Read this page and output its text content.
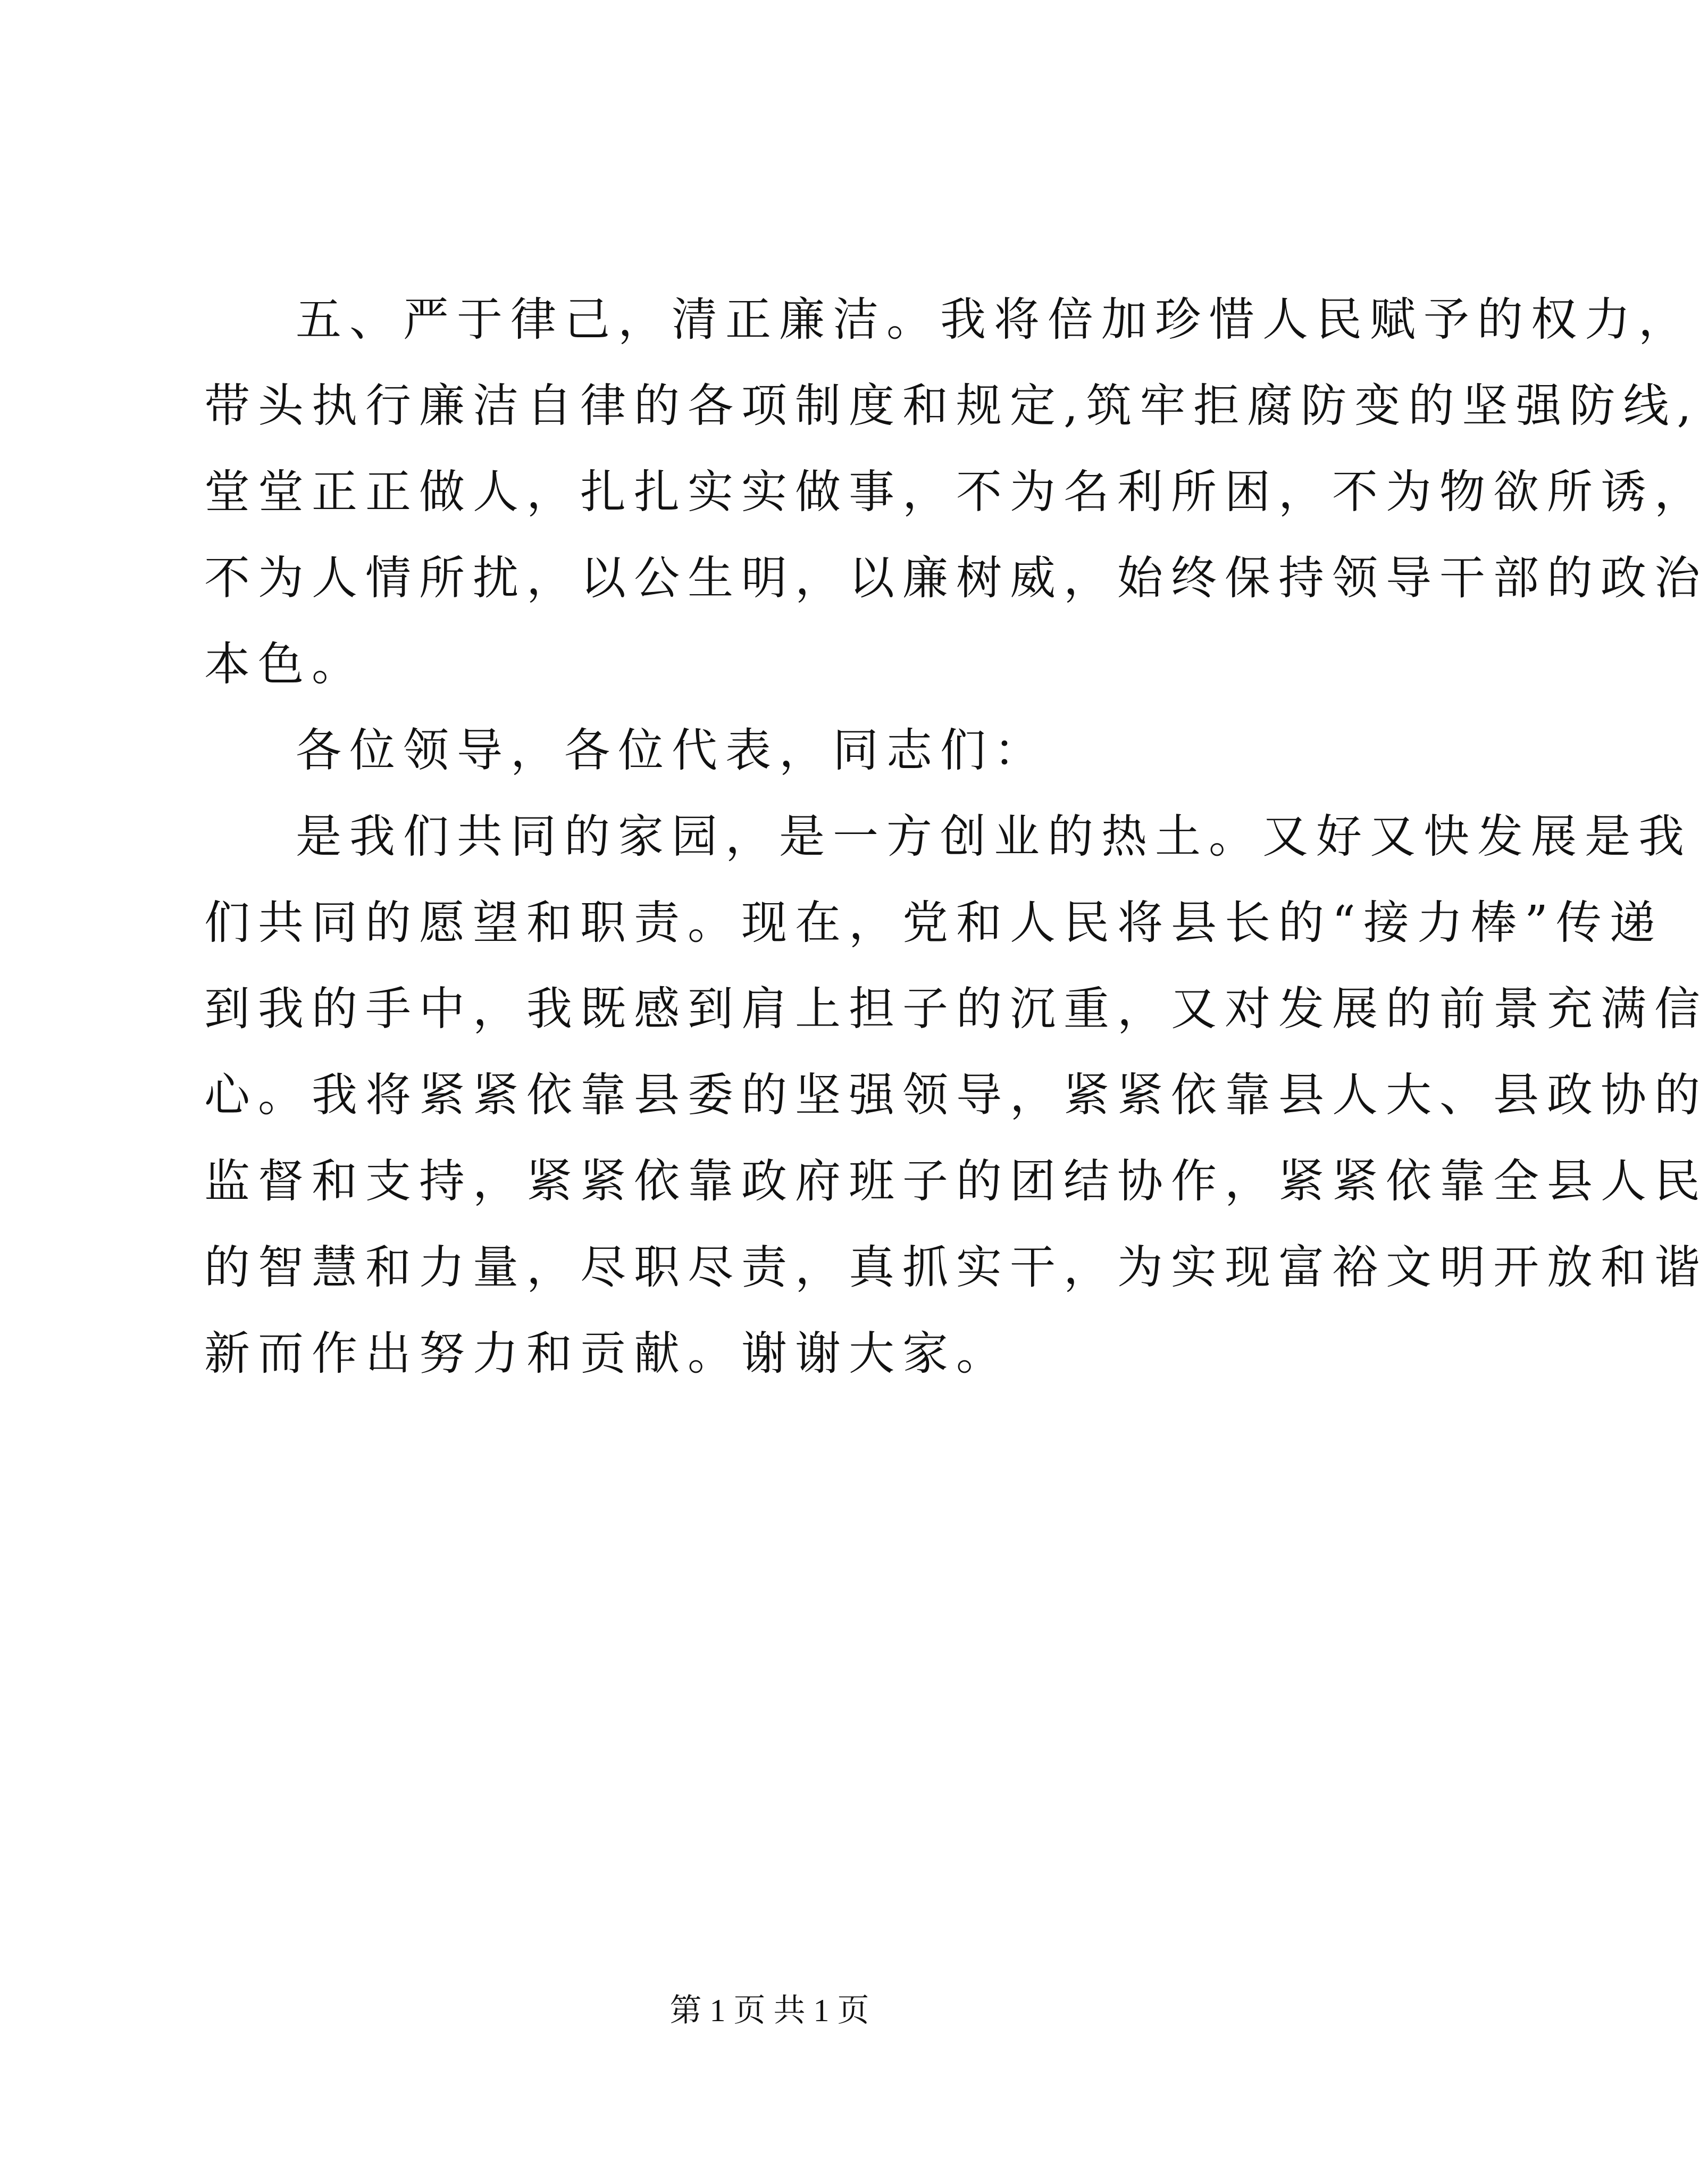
五、严于律己，清正廉洁。我将倍加珍惜人民赋予的权力，
带头执行廉洁自律的各项制度和规定,筑牢拒腐防变的坚强防线,
堂堂正正做人，扎扎实实做事，不为名利所困，不为物欲所诱，
不为人情所扰，以公生明，以廉树威，始终保持领导干部的政治
本色。
各位领导，各位代表，同志们：
是我们共同的家园，是一方创业的热土。又好又快发展是我
们共同的愿望和职责。现在，党和人民将县长的“接力棒”传递
到我的手中，我既感到肩上担子的沉重，又对发展的前景充满信
心。我将紧紧依靠县委的坚强领导，紧紧依靠县人大、县政协的
监督和支持，紧紧依靠政府班子的团结协作，紧紧依靠全县人民
的智慧和力量，尽职尽责，真抓实干，为实现富裕文明开放和谐
新而作出努力和贡献。谢谢大家。
第 1 页 共 1 页
